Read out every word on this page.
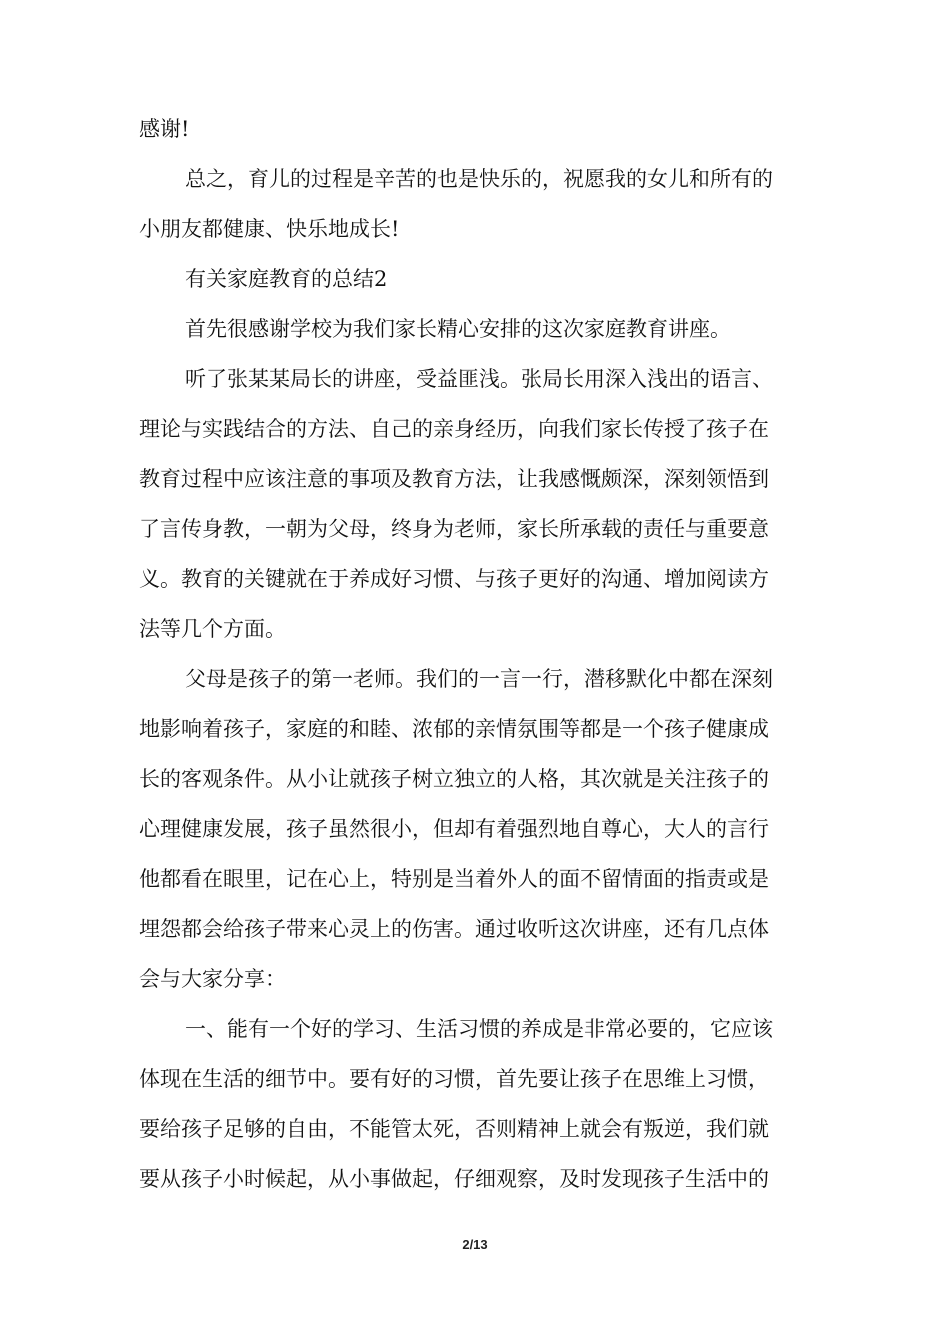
感谢!
总之，育儿的过程是辛苦的也是快乐的，祝愿我的女儿和所有的
小朋友都健康、快乐地成长!
有关家庭教育的总结2
首先很感谢学校为我们家长精心安排的这次家庭教育讲座。
听了张某某局长的讲座，受益匪浅。张局长用深入浅出的语言、
理论与实践结合的方法、自己的亲身经历，向我们家长传授了孩子在
教育过程中应该注意的事项及教育方法，让我感慨颇深，深刻领悟到
了言传身教，一朝为父母，终身为老师，家长所承载的责任与重要意
义。教育的关键就在于养成好习惯、与孩子更好的沟通、增加阅读方
法等几个方面。
父母是孩子的第一老师。我们的一言一行，潜移默化中都在深刻
地影响着孩子，家庭的和睦、浓郁的亲情氛围等都是一个孩子健康成
长的客观条件。从小让就孩子树立独立的人格，其次就是关注孩子的
心理健康发展，孩子虽然很小，但却有着强烈地自尊心，大人的言行
他都看在眼里，记在心上，特别是当着外人的面不留情面的指责或是
埋怨都会给孩子带来心灵上的伤害。通过收听这次讲座，还有几点体
会与大家分享：
一、能有一个好的学习、生活习惯的养成是非常必要的，它应该
体现在生活的细节中。要有好的习惯，首先要让孩子在思维上习惯，
要给孩子足够的自由，不能管太死，否则精神上就会有叛逆，我们就
要从孩子小时候起，从小事做起，仔细观察，及时发现孩子生活中的
2/13
